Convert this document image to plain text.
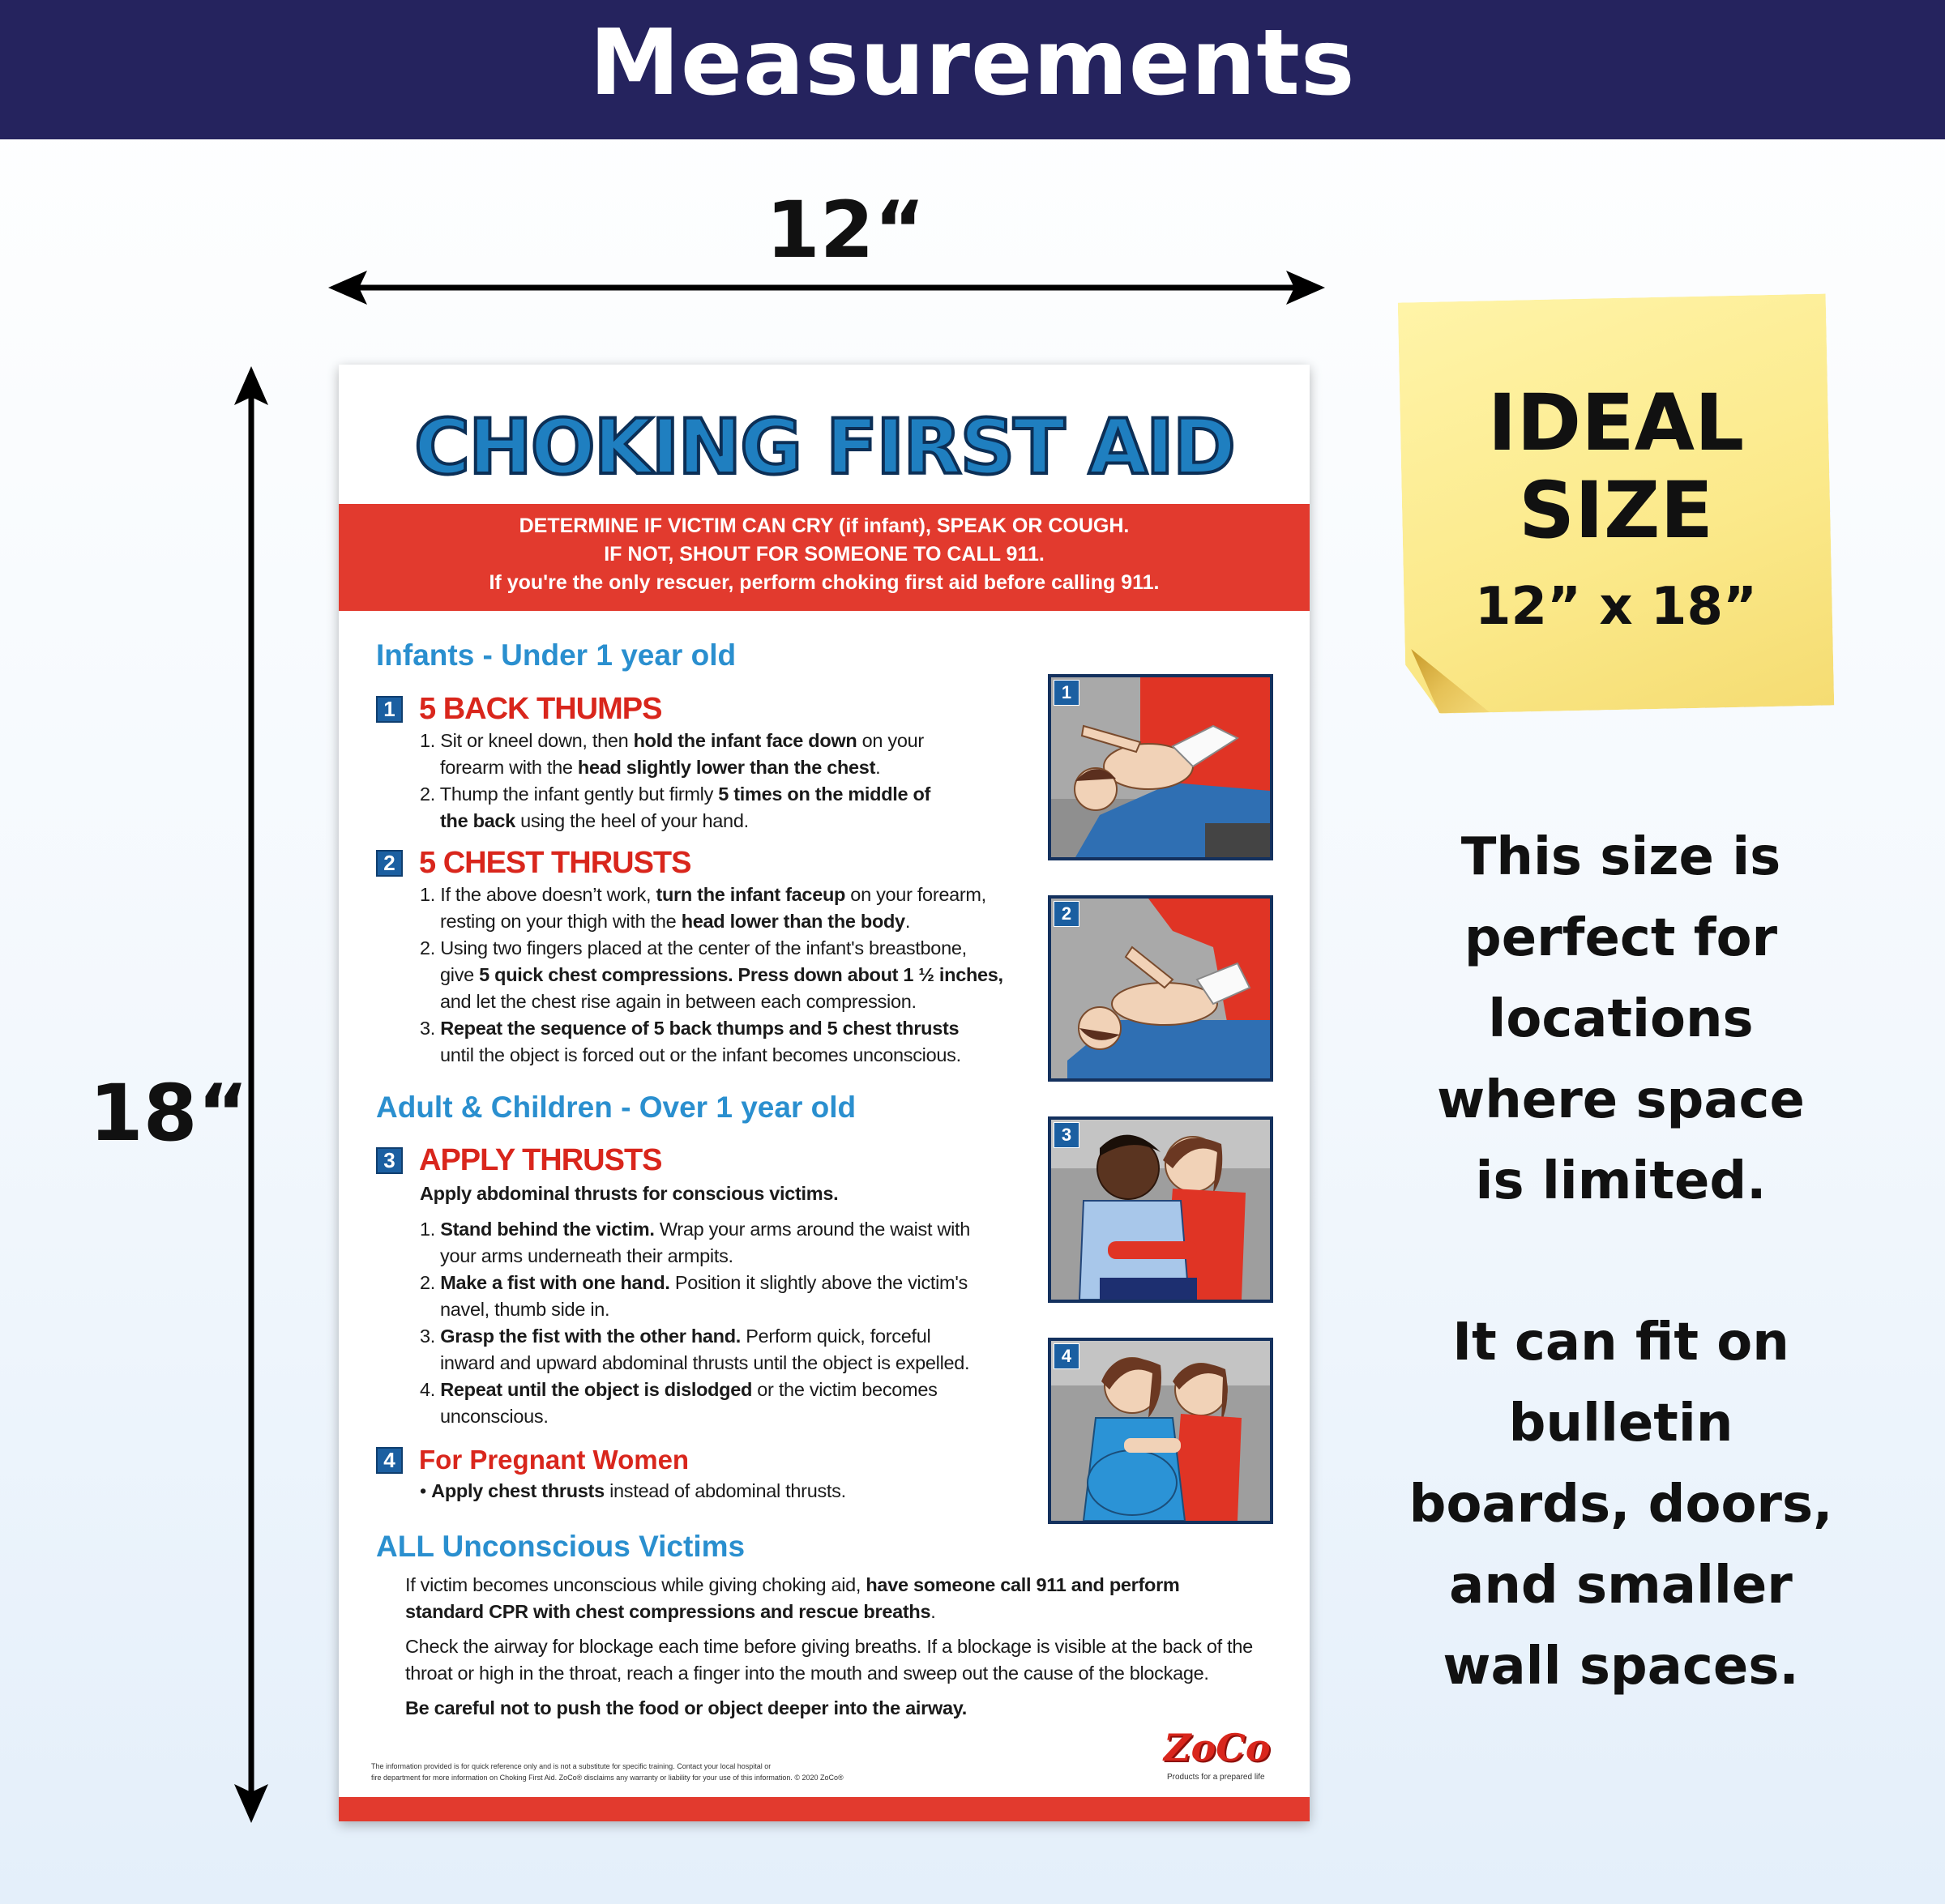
Measurements
12“
18“
CHOKING FIRST AID
DETERMINE IF VICTIM CAN CRY (if infant), SPEAK OR COUGH.
IF NOT, SHOUT FOR SOMEONE TO CALL 911.
If you're the only rescuer, perform choking first aid before calling 911.
Infants - Under 1 year old
1 5 BACK THUMPS
1. Sit or kneel down, then hold the infant face down on your
forearm with the head slightly lower than the chest.
2. Thump the infant gently but firmly 5 times on the middle of
the back using the heel of your hand.
2 5 CHEST THRUSTS
1. If the above doesn’t work, turn the infant faceup on your forearm,
resting on your thigh with the head lower than the body.
2. Using two fingers placed at the center of the infant's breastbone,
give 5 quick chest compressions. Press down about 1 ½ inches,
and let the chest rise again in between each compression.
3. Repeat the sequence of 5 back thumps and 5 chest thrusts
until the object is forced out or the infant becomes unconscious.
Adult & Children - Over 1 year old
3 APPLY THRUSTS
Apply abdominal thrusts for conscious victims.
1. Stand behind the victim. Wrap your arms around the waist with
your arms underneath their armpits.
2. Make a fist with one hand. Position it slightly above the victim's
navel, thumb side in.
3. Grasp the fist with the other hand. Perform quick, forceful
inward and upward abdominal thrusts until the object is expelled.
4. Repeat until the object is dislodged or the victim becomes
unconscious.
4 For Pregnant Women
• Apply chest thrusts instead of abdominal thrusts.
ALL Unconscious Victims
If victim becomes unconscious while giving choking aid, have someone call 911 and perform
standard CPR with chest compressions and rescue breaths.
Check the airway for blockage each time before giving breaths. If a blockage is visible at the back of the
throat or high in the throat, reach a finger into the mouth and sweep out the cause of the blockage.
Be careful not to push the food or object deeper into the airway.
1
2
3
4
The information provided is for quick reference only and is not a substitute for specific training. Contact your local hospital or
fire department for more information on Choking First Aid. ZoCo® disclaims any warranty or liability for your use of this information. © 2020 ZoCo®
ZoCo
Products for a prepared life
IDEAL
SIZE
12” x 18”
This size is
perfect for
locations
where space
is limited.
It can fit on
bulletin
boards, doors,
and smaller
wall spaces.
